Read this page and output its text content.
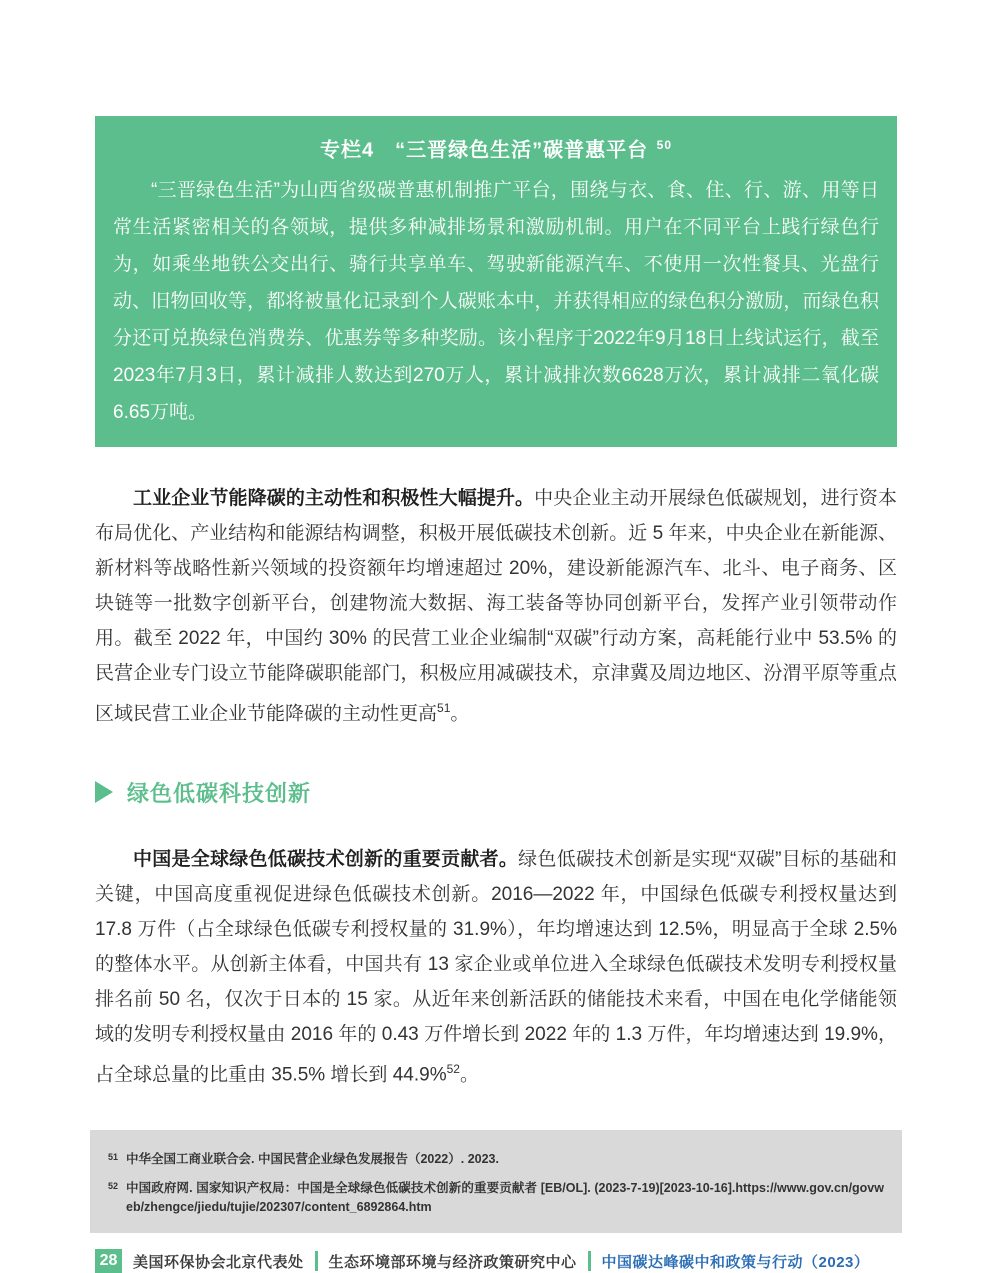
专栏4　“三晋绿色生活”碳普惠平台 $^{50}$

“三晋绿色生活”为山西省级碳普惠机制推广平台，围绕与衣、食、住、行、游、用等日常生活紧密相关的各领域，提供多种减排场景和激励机制。用户在不同平台上践行绿色行为，如乘坐地铁公交出行、骑行共享单车、驾驶新能源汽车、不使用一次性餐具、光盘行动、旧物回收等，都将被量化记录到个人碳账本中，并获得相应的绿色积分激励，而绿色积分还可兑换绿色消费券、优惠券等多种奖励。该小程序于2022年9月18日上线试运行，截至2023年7月3日，累计减排人数达到270万人，累计减排次数6628万次，累计减排二氧化碳6.65万吨。

工业企业节能降碳的主动性和积极性大幅提升。中央企业主动开展绿色低碳规划，进行资本布局优化、产业结构和能源结构调整，积极开展低碳技术创新。近 5 年来，中央企业在新能源、新材料等战略性新兴领域的投资额年均增速超过 20%，建设新能源汽车、北斗、电子商务、区块链等一批数字创新平台，创建物流大数据、海工装备等协同创新平台，发挥产业引领带动作用。截至 2022 年，中国约 30% 的民营工业企业编制“双碳”行动方案，高耗能行业中 53.5% 的民营企业专门设立节能降碳职能部门，积极应用减碳技术，京津冀及周边地区、汾渭平原等重点区域民营工业企业节能降碳的主动性更高$^{51}$。

绿色低碳科技创新

中国是全球绿色低碳技术创新的重要贡献者。绿色低碳技术创新是实现“双碳”目标的基础和关键，中国高度重视促进绿色低碳技术创新。2016—2022 年，中国绿色低碳专利授权量达到 17.8 万件（占全球绿色低碳专利授权量的 31.9%），年均增速达到 12.5%，明显高于全球 2.5% 的整体水平。从创新主体看，中国共有 13 家企业或单位进入全球绿色低碳技术发明专利授权量排名前 50 名，仅次于日本的 15 家。从近年来创新活跃的储能技术来看，中国在电化学储能领域的发明专利授权量由 2016 年的 0.43 万件增长到 2022 年的 1.3 万件，年均增速达到 19.9%，占全球总量的比重由 35.5% 增长到 44.9%$^{52}$。

51 中华全国工商业联合会. 中国民营企业绿色发展报告（2022）. 2023.

52 中国政府网. 国家知识产权局：中国是全球绿色低碳技术创新的重要贡献者 [EB/OL]. (2023-7-19)[2023-10-16].https://www.gov.cn/govweb/zhengce/jiedu/tujie/202307/content_6892864.htm

28	美国环保协会北京代表处 生态环境部环境与经济政策研究中心 中国碳达峰碳中和政策与行动（2023）
